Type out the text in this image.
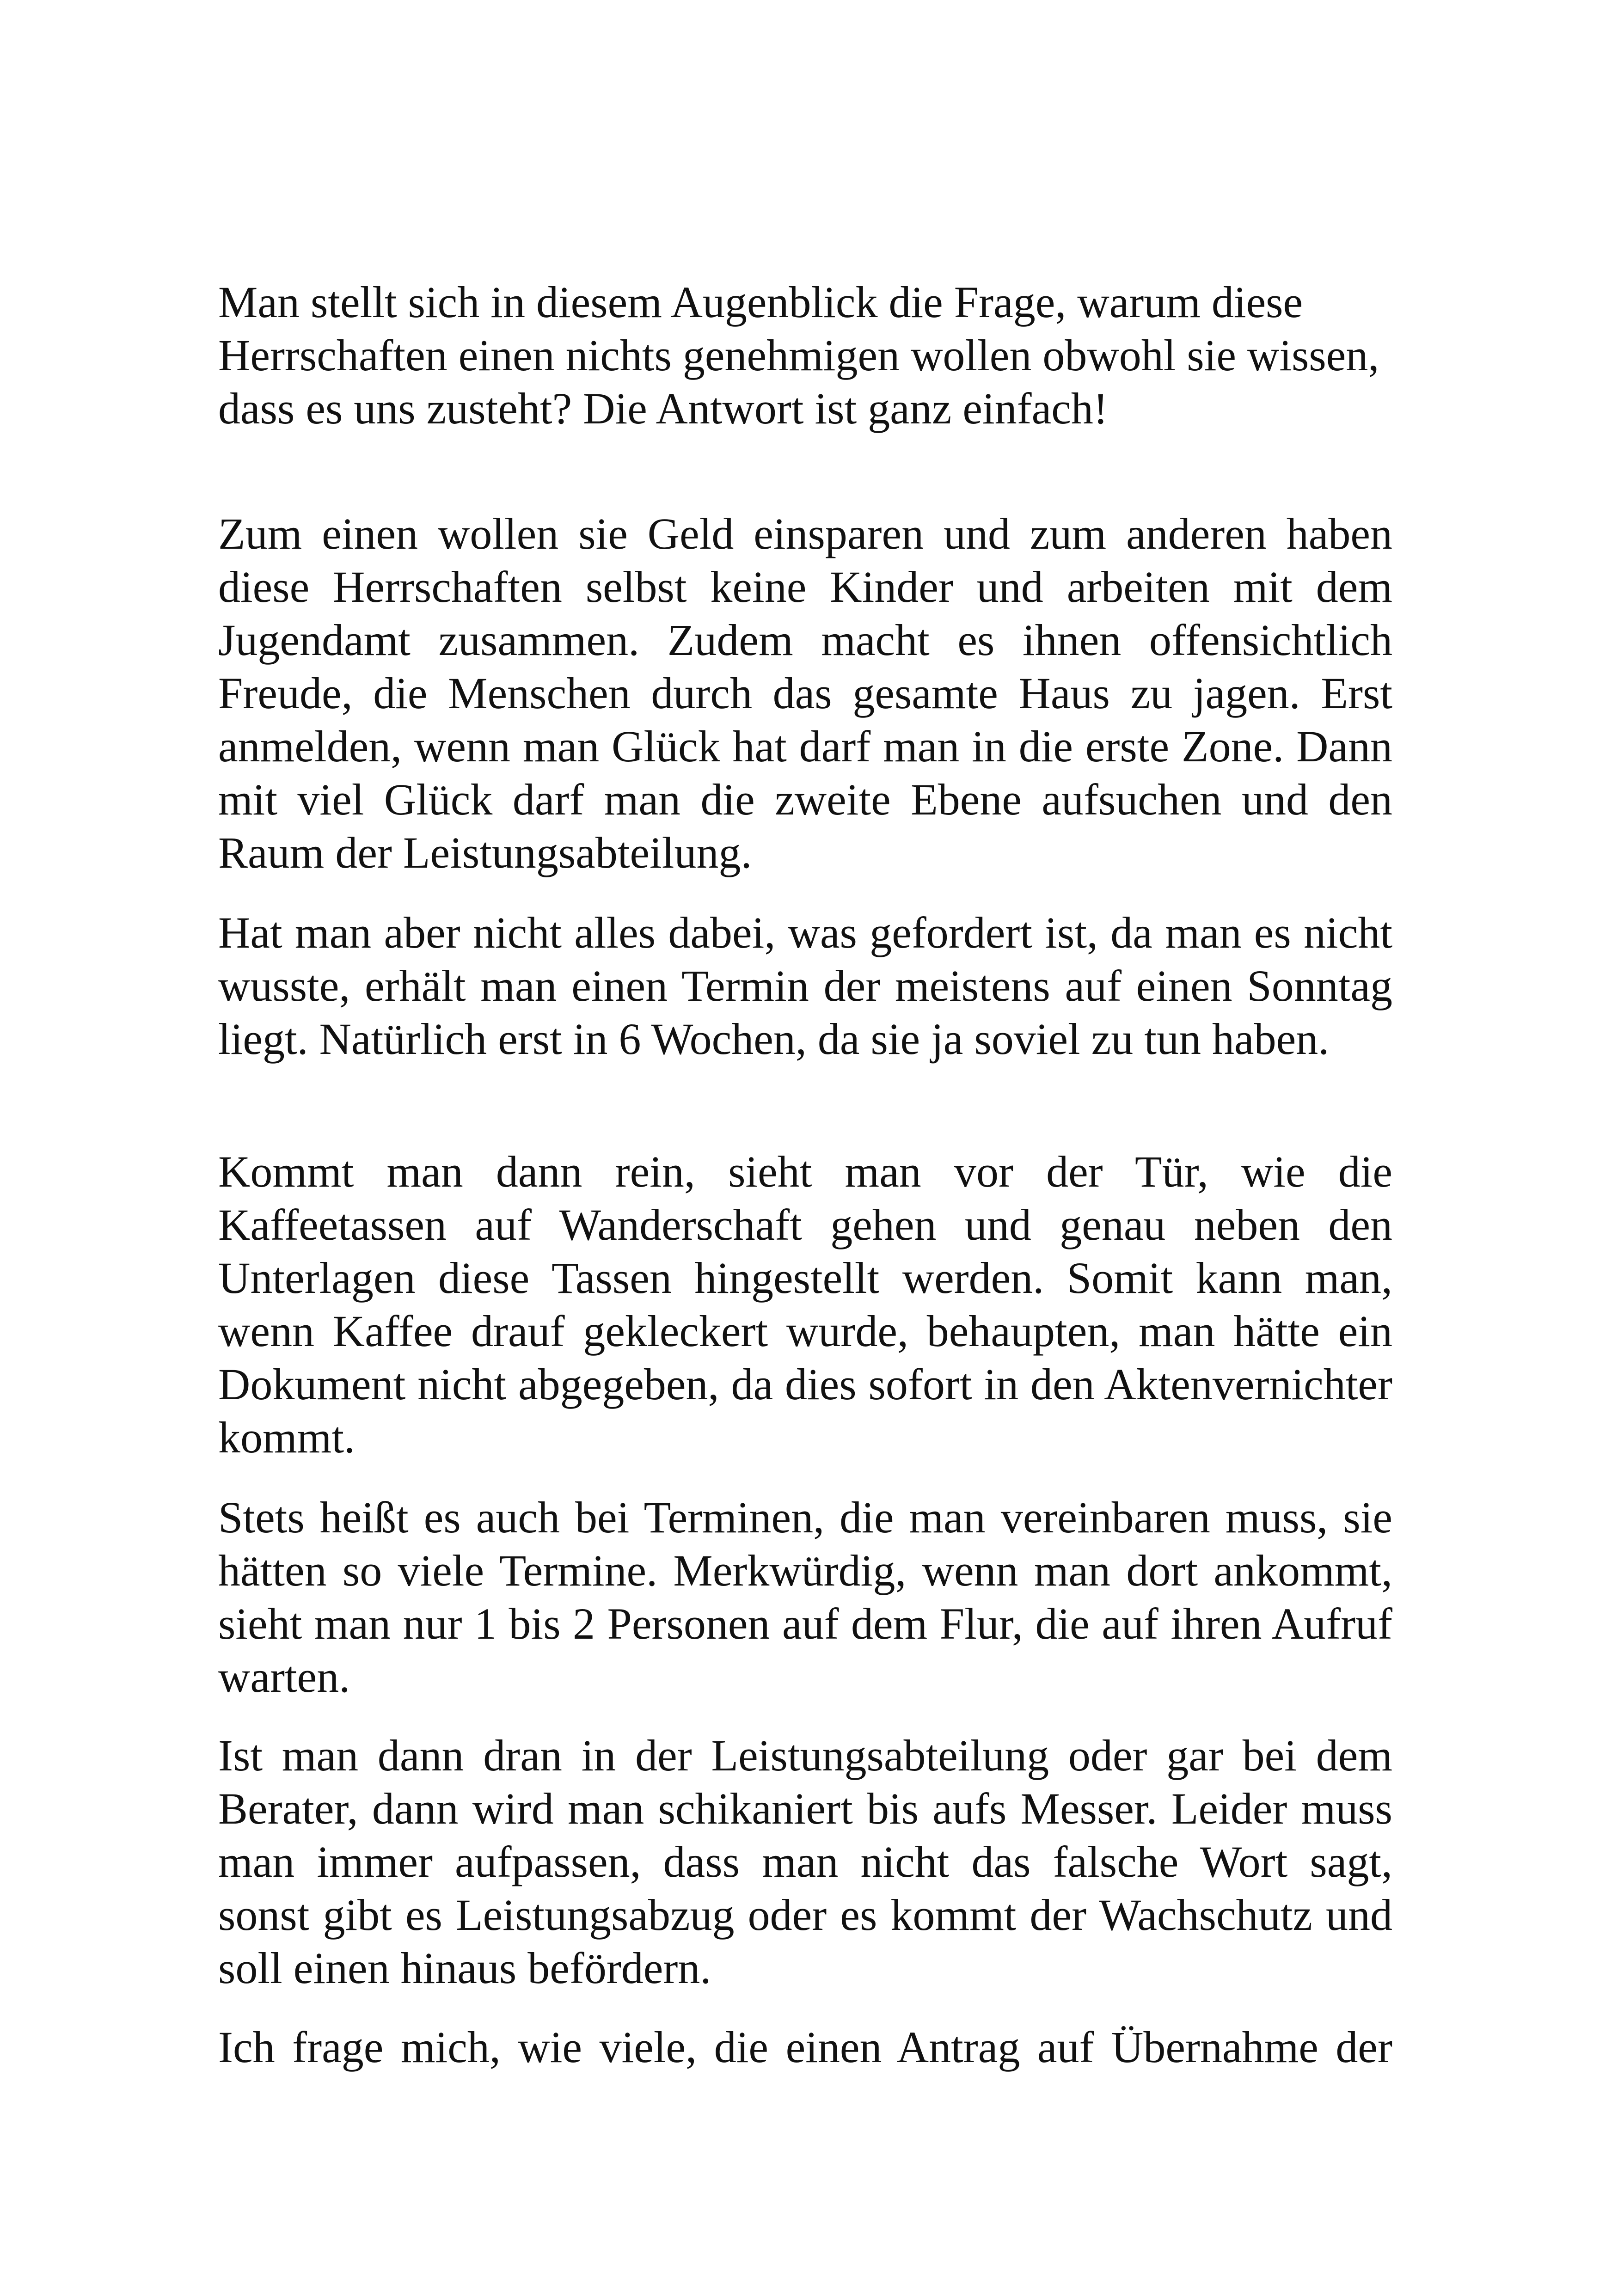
Man stellt sich in diesem Augenblick die Frage, warum diese Herrschaften einen nichts genehmigen wollen obwohl sie wissen, dass es uns zusteht? Die Antwort ist ganz einfach!

Zum einen wollen sie Geld einsparen und zum anderen haben diese Herrschaften selbst keine Kinder und arbeiten mit dem Jugendamt zusammen. Zudem macht es ihnen offensichtlich Freude, die Menschen durch das gesamte Haus zu jagen. Erst anmelden, wenn man Glück hat darf man in die erste Zone. Dann mit viel Glück darf man die zweite Ebene aufsuchen und den Raum der Leistungsabteilung.

Hat man aber nicht alles dabei, was gefordert ist, da man es nicht wusste, erhält man einen Termin der meistens auf einen Sonntag liegt. Natürlich erst in 6 Wochen, da sie ja soviel zu tun haben.

Kommt man dann rein, sieht man vor der Tür, wie die Kaffeetassen auf Wanderschaft gehen und genau neben den Unterlagen diese Tassen hingestellt werden. Somit kann man, wenn Kaffee drauf gekleckert wurde, behaupten, man hätte ein Dokument nicht abgegeben, da dies sofort in den Aktenvernichter kommt.

Stets heißt es auch bei Terminen, die man vereinbaren muss, sie hätten so viele Termine. Merkwürdig, wenn man dort ankommt, sieht man nur 1 bis 2 Personen auf dem Flur, die auf ihren Aufruf warten.

Ist man dann dran in der Leistungsabteilung oder gar bei dem Berater, dann wird man schikaniert bis aufs Messer. Leider muss man immer aufpassen, dass man nicht das falsche Wort sagt, sonst gibt es Leistungsabzug oder es kommt der Wachschutz und soll einen hinaus befördern.

Ich frage mich, wie viele, die einen Antrag auf Übernahme der
